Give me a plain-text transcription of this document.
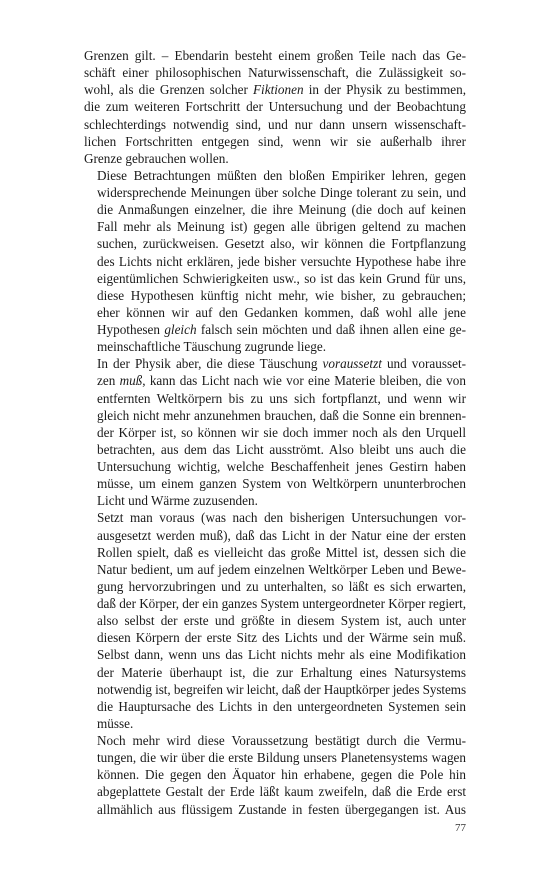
Grenzen gilt. – Ebendarin besteht einem großen Teile nach das Ge-
schäft einer philosophischen Naturwissenschaft, die Zulässigkeit so-
wohl, als die Grenzen solcher Fiktionen in der Physik zu bestimmen,
die zum weiteren Fortschritt der Untersuchung und der Beobachtung
schlechterdings notwendig sind, und nur dann unsern wissenschaft-
lichen Fortschritten entgegen sind, wenn wir sie außerhalb ihrer
Grenze gebrauchen wollen.
Diese Betrachtungen müßten den bloßen Empiriker lehren, gegen
widersprechende Meinungen über solche Dinge tolerant zu sein, und
die Anmaßungen einzelner, die ihre Meinung (die doch auf keinen
Fall mehr als Meinung ist) gegen alle übrigen geltend zu machen
suchen, zurückweisen. Gesetzt also, wir können die Fortpflanzung
des Lichts nicht erklären, jede bisher versuchte Hypothese habe ihre
eigentümlichen Schwierigkeiten usw., so ist das kein Grund für uns,
diese Hypothesen künftig nicht mehr, wie bisher, zu gebrauchen;
eher können wir auf den Gedanken kommen, daß wohl alle jene
Hypothesen gleich falsch sein möchten und daß ihnen allen eine ge-
meinschaftliche Täuschung zugrunde liege.
In der Physik aber, die diese Täuschung voraussetzt und vorausset-
zen muß, kann das Licht nach wie vor eine Materie bleiben, die von
entfernten Weltkörpern bis zu uns sich fortpflanzt, und wenn wir
gleich nicht mehr anzunehmen brauchen, daß die Sonne ein brennen-
der Körper ist, so können wir sie doch immer noch als den Urquell
betrachten, aus dem das Licht ausströmt. Also bleibt uns auch die
Untersuchung wichtig, welche Beschaffenheit jenes Gestirn haben
müsse, um einem ganzen System von Weltkörpern ununterbrochen
Licht und Wärme zuzusenden.
Setzt man voraus (was nach den bisherigen Untersuchungen vor-
ausgesetzt werden muß), daß das Licht in der Natur eine der ersten
Rollen spielt, daß es vielleicht das große Mittel ist, dessen sich die
Natur bedient, um auf jedem einzelnen Weltkörper Leben und Bewe-
gung hervorzubringen und zu unterhalten, so läßt es sich erwarten,
daß der Körper, der ein ganzes System untergeordneter Körper regiert,
also selbst der erste und größte in diesem System ist, auch unter
diesen Körpern der erste Sitz des Lichts und der Wärme sein muß.
Selbst dann, wenn uns das Licht nichts mehr als eine Modifikation
der Materie überhaupt ist, die zur Erhaltung eines Natursystems
notwendig ist, begreifen wir leicht, daß der Hauptkörper jedes Systems
die Hauptursache des Lichts in den untergeordneten Systemen sein
müsse.
Noch mehr wird diese Voraussetzung bestätigt durch die Vermu-
tungen, die wir über die erste Bildung unsers Planetensystems wagen
können. Die gegen den Äquator hin erhabene, gegen die Pole hin
abgeplattete Gestalt der Erde läßt kaum zweifeln, daß die Erde erst
allmählich aus flüssigem Zustande in festen übergegangen ist. Aus
77
